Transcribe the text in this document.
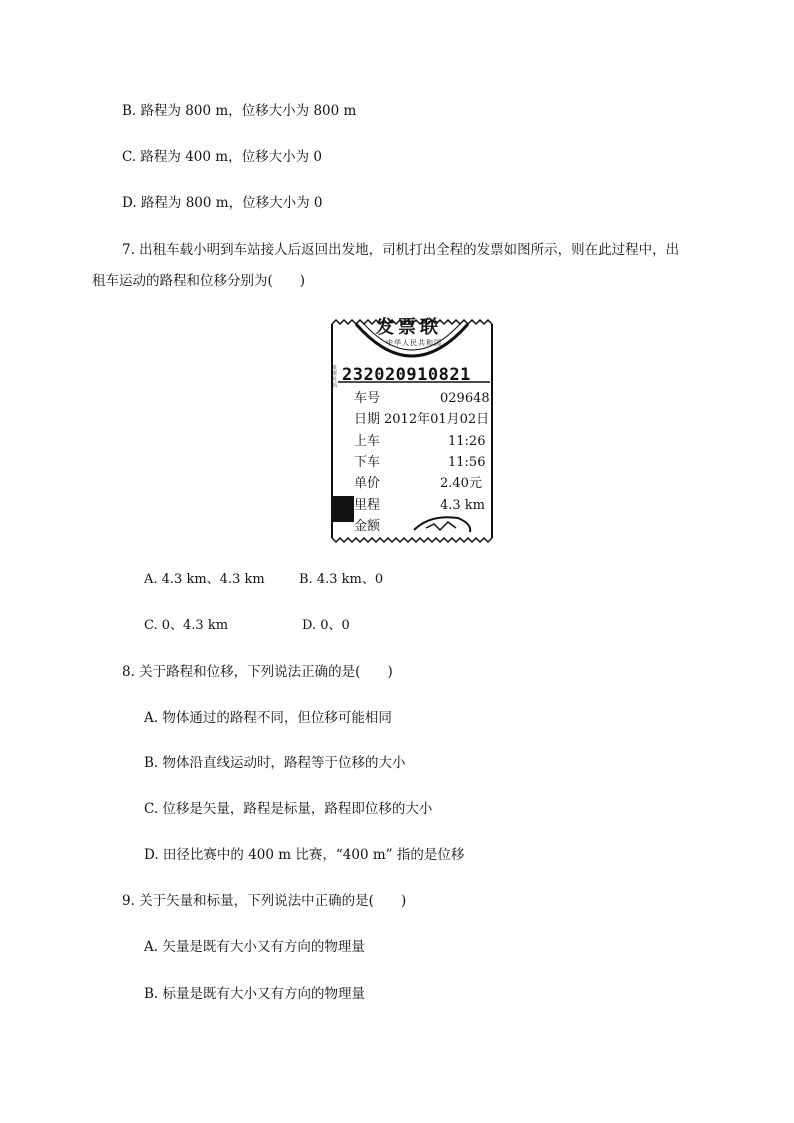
B. 路程为 800 m，位移大小为 800 m
C. 路程为 400 m，位移大小为 0
D. 路程为 800 m，位移大小为 0
7. 出租车载小明到车站接人后返回出发地，司机打出全程的发票如图所示，则在此过程中，出
租车运动的路程和位移分别为(　　)
发票联
中华人民共和国
发票号码
232020910821
车号	029648
日期 2012年01月02日
上车	11:26
下车	11:56
单价	2.40元
里程	4.3 km
金额
A. 4.3 km、4.3 km	B. 4.3 km、0
C. 0、4.3 km	D. 0、0
8. 关于路程和位移，下列说法正确的是(　　)
A. 物体通过的路程不同，但位移可能相同
B. 物体沿直线运动时，路程等于位移的大小
C. 位移是矢量，路程是标量，路程即位移的大小
D. 田径比赛中的 400 m 比赛，“400 m” 指的是位移
9. 关于矢量和标量，下列说法中正确的是(　　)
A. 矢量是既有大小又有方向的物理量
B. 标量是既有大小又有方向的物理量
